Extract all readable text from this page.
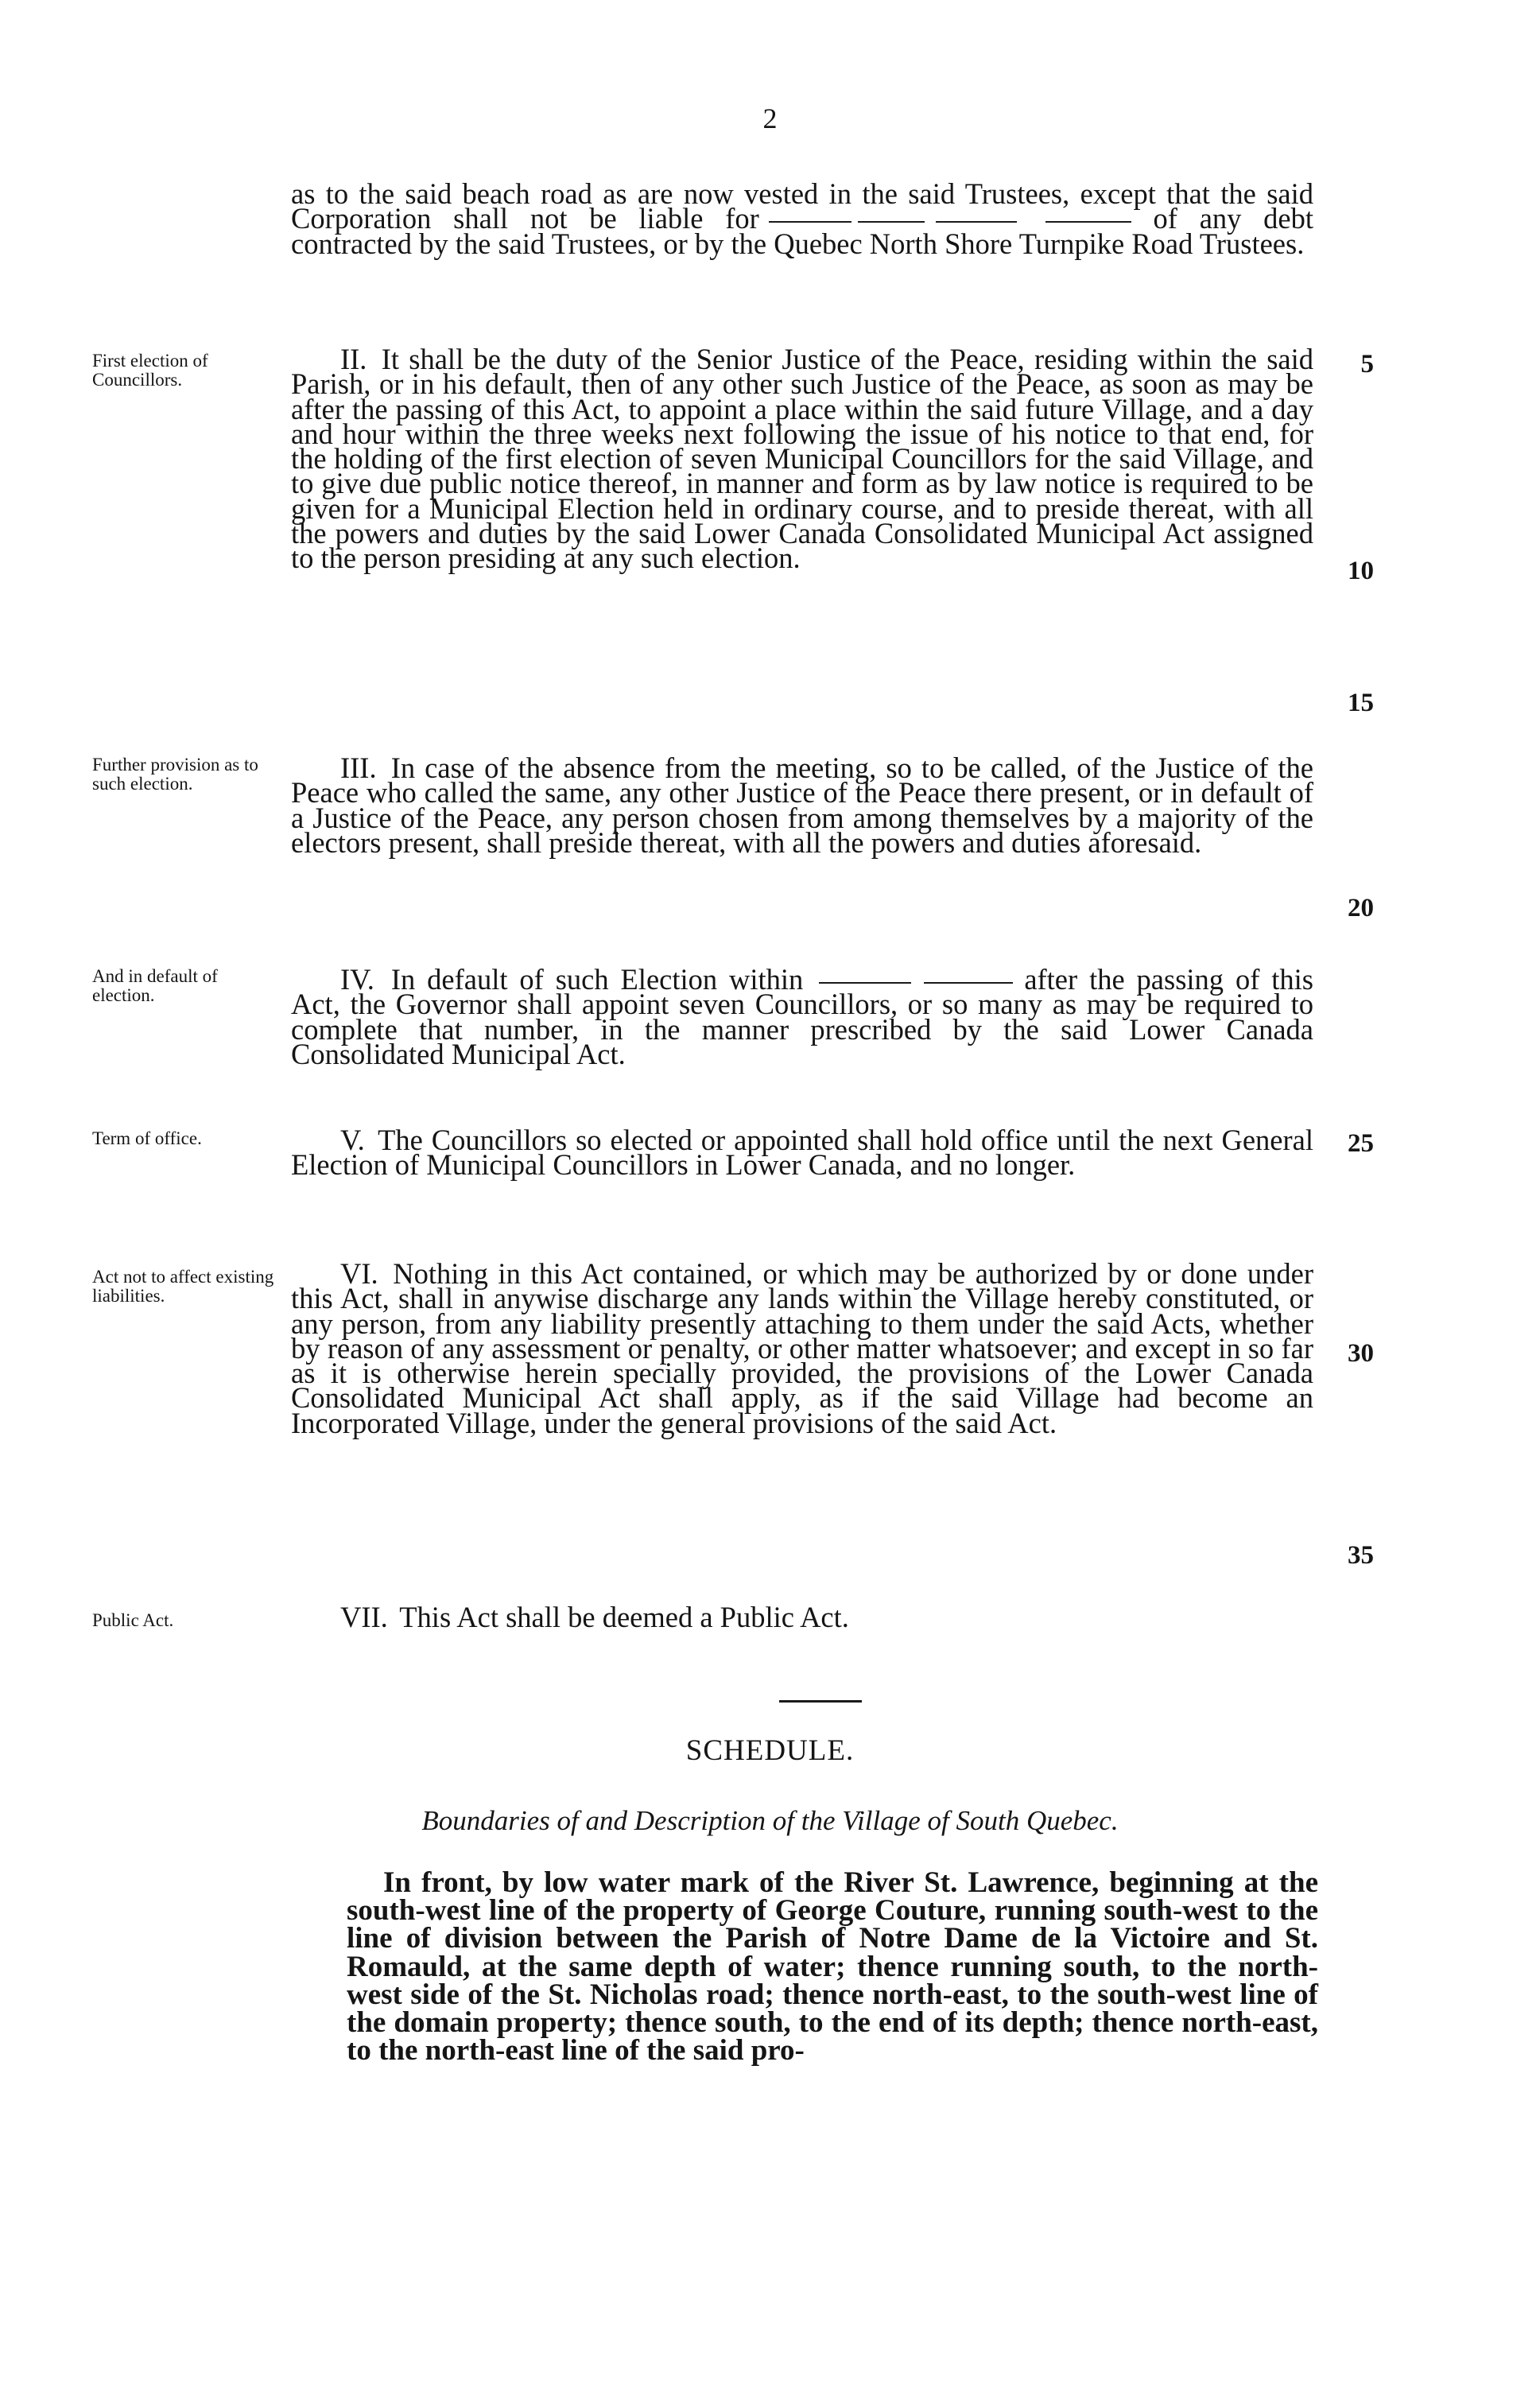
2

as to the said beach road as are now vested in the said Trustees, except that the said Corporation shall not be liable for	of any debt contracted by the said Trustees, or by the Quebec North Shore Turnpike Road Trustees.

First election of Councillors.

II. It shall be the duty of the Senior Justice of the Peace, residing within the said Parish, or in his default, then of any other such Justice of the Peace, as soon as may be after the passing of this Act, to appoint a place within the said future Village, and a day and hour within the three weeks next following the issue of his notice to that end, for the holding of the first election of seven Municipal Councillors for the said Village, and to give due public notice thereof, in manner and form as by law notice is required to be given for a Municipal Election held in ordinary course, and to preside thereat, with all the powers and duties by the said Lower Canada Consolidated Municipal Act assigned to the person presiding at any such election.

Further provision as to such election.	III. In case of the absence from the meeting, so to be called, of the Justice of the Peace who called the same, any other Justice of the Peace there present, or in default of a Justice of the Peace, any person chosen from among themselves by a majority of the electors present, shall preside thereat, with all the powers and duties aforesaid.

And in default of election.	IV. In default of such Election within	after the passing of this Act, the Governor shall appoint seven Councillors, or so many as may be required to complete that number, in the manner prescribed by the said Lower Canada Consolidated Municipal Act.

Term of office.	V. The Councillors so elected or appointed shall hold office until the next General Election of Municipal Councillors in Lower Canada, and no longer.

Act not to affect existing liabilities.

VI. Nothing in this Act contained, or which may be authorized by or done under this Act, shall in anywise discharge any lands within the Village hereby constituted, or any person, from any liability presently attaching to them under the said Acts, whether by reason of any assessment or penalty, or other matter whatsoever; and except in so far as it is otherwise herein specially provided, the provisions of the Lower Canada Consolidated Municipal Act shall apply, as if the said Village had become an Incorporated Village, under the general provisions of the said Act.

Public Act.	VII. This Act shall be deemed a Public Act.

5
10
15
20
25
30
35
SCHEDULE.
Boundaries of and Description of the Village of South Quebec.

In front, by low water mark of the River St. Lawrence, beginning at the south-west line of the property of George Couture, running south-west to the line of division between the Parish of Notre Dame de la Victoire and St. Romauld, at the same depth of water; thence running south, to the north-west side of the St. Nicholas road; thence north-east, to the south-west line of the domain property; thence south, to the end of its depth; thence north-east, to the north-east line of the said pro-
